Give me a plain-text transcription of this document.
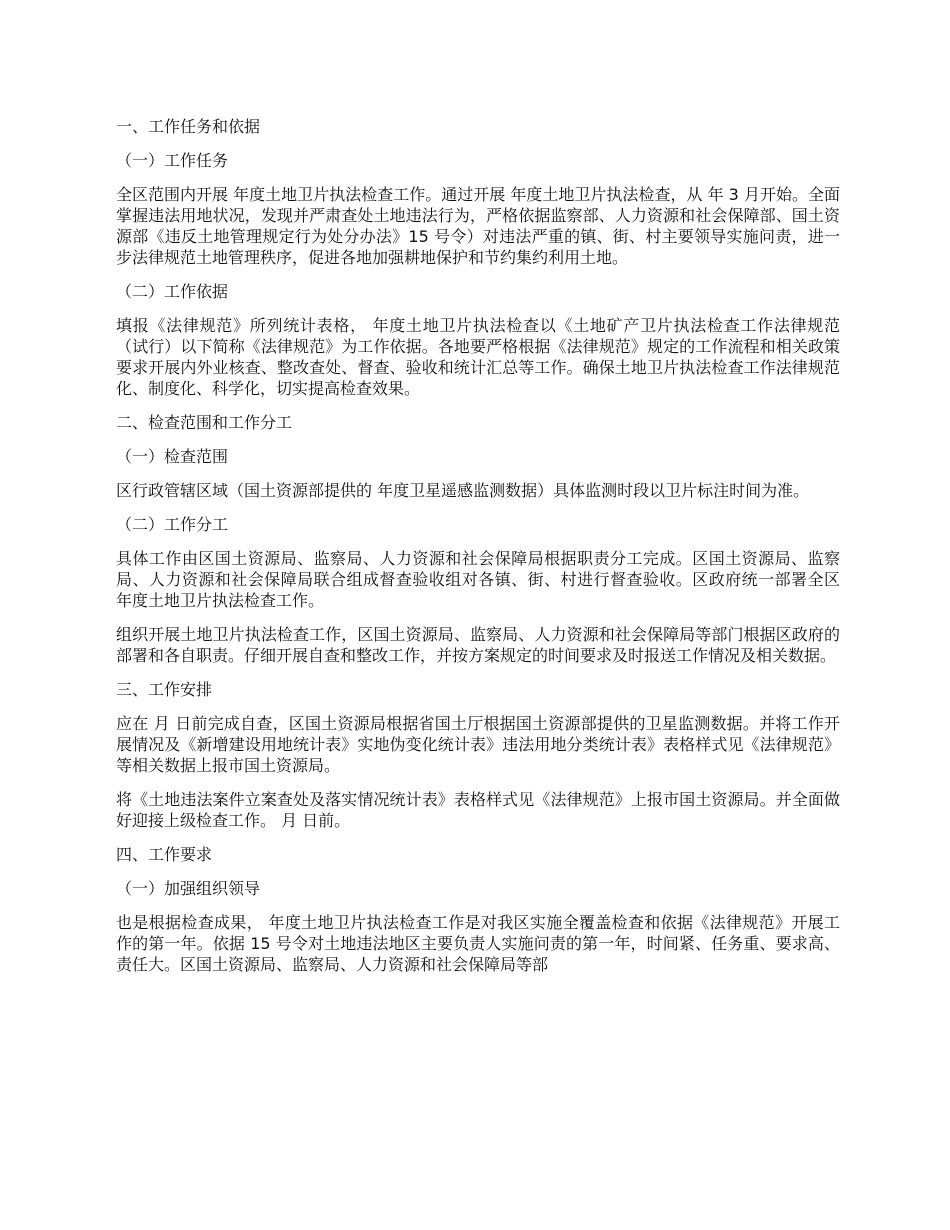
一、工作任务和依据
（一）工作任务
全区范围内开展 年度土地卫片执法检查工作。通过开展 年度土地卫片执法检查，从 年 3 月开始。全面掌握违法用地状况，发现并严肃查处土地违法行为，严格依据监察部、人力资源和社会保障部、国土资源部《违反土地管理规定行为处分办法》15 号令）对违法严重的镇、街、村主要领导实施问责，进一步法律规范土地管理秩序，促进各地加强耕地保护和节约集约利用土地。
（二）工作依据
填报《法律规范》所列统计表格， 年度土地卫片执法检查以《土地矿产卫片执法检查工作法律规范（试行）以下简称《法律规范》为工作依据。各地要严格根据《法律规范》规定的工作流程和相关政策要求开展内外业核查、整改查处、督查、验收和统计汇总等工作。确保土地卫片执法检查工作法律规范化、制度化、科学化，切实提高检查效果。
二、检查范围和工作分工
（一）检查范围
区行政管辖区域（国土资源部提供的 年度卫星遥感监测数据）具体监测时段以卫片标注时间为准。
（二）工作分工
具体工作由区国土资源局、监察局、人力资源和社会保障局根据职责分工完成。区国土资源局、监察局、人力资源和社会保障局联合组成督查验收组对各镇、街、村进行督查验收。区政府统一部署全区 年度土地卫片执法检查工作。
组织开展土地卫片执法检查工作，区国土资源局、监察局、人力资源和社会保障局等部门根据区政府的部署和各自职责。仔细开展自查和整改工作，并按方案规定的时间要求及时报送工作情况及相关数据。
三、工作安排
应在 月 日前完成自查，区国土资源局根据省国土厅根据国土资源部提供的卫星监测数据。并将工作开展情况及《新增建设用地统计表》实地伪变化统计表》违法用地分类统计表》表格样式见《法律规范》等相关数据上报市国土资源局。
将《土地违法案件立案查处及落实情况统计表》表格样式见《法律规范》上报市国土资源局。并全面做好迎接上级检查工作。 月 日前。
四、工作要求
（一）加强组织领导
也是根据检查成果， 年度土地卫片执法检查工作是对我区实施全覆盖检查和依据《法律规范》开展工作的第一年。依据 15 号令对土地违法地区主要负责人实施问责的第一年，时间紧、任务重、要求高、责任大。区国土资源局、监察局、人力资源和社会保障局等部
